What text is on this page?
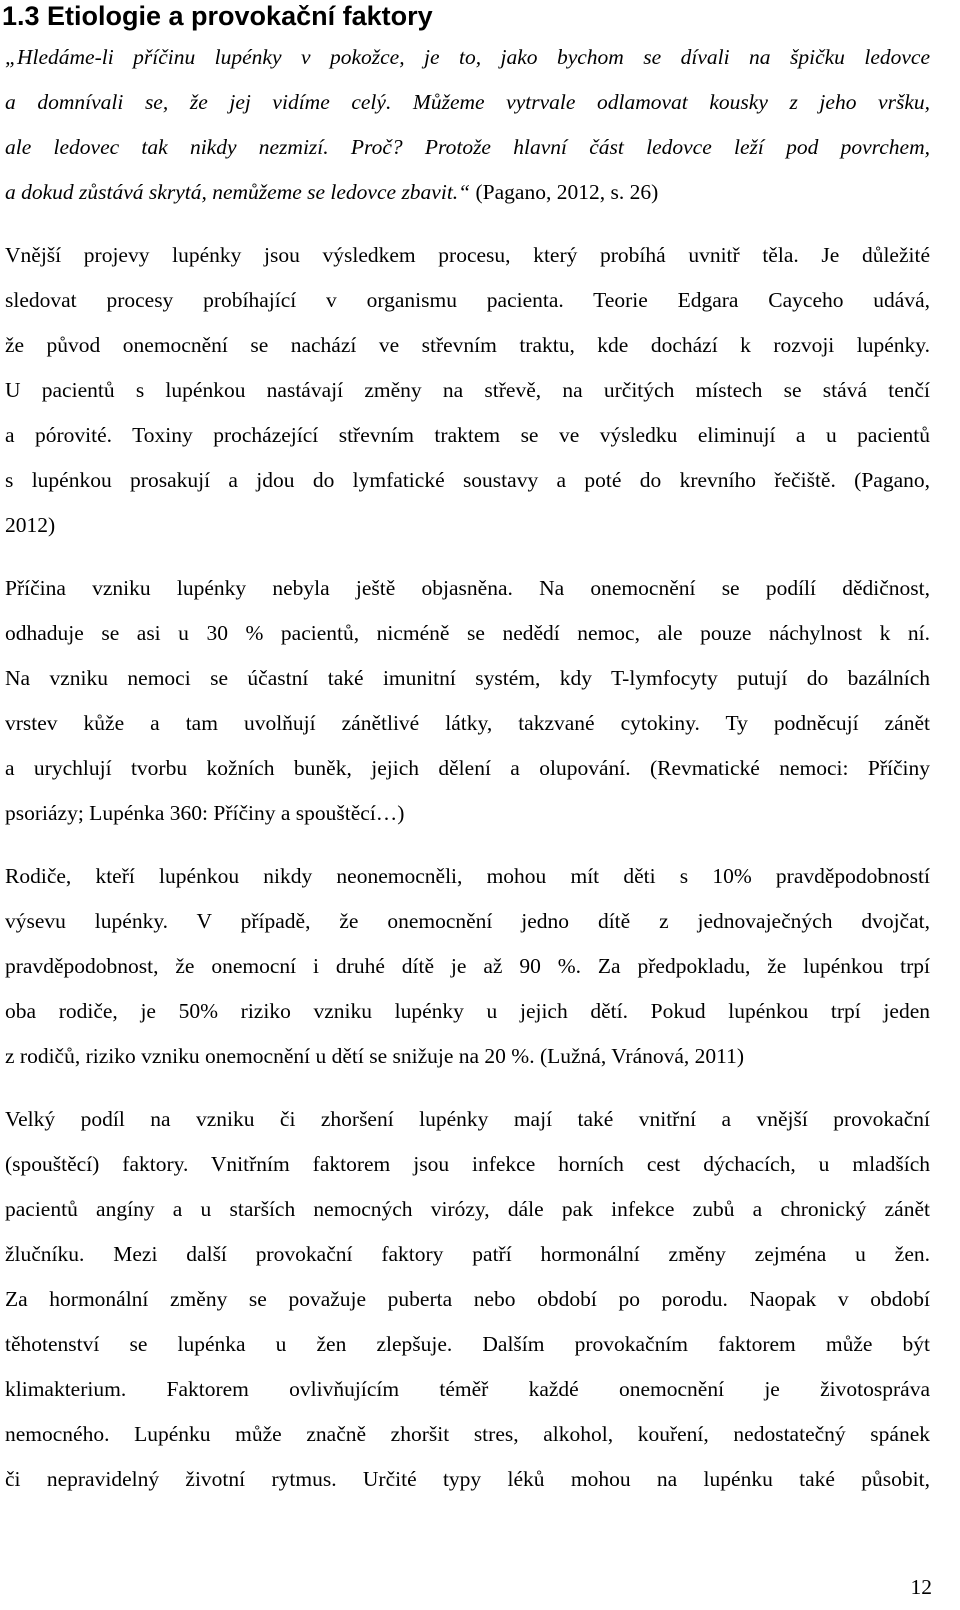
1.3 Etiologie a provokační faktory

„Hledáme-li příčinu lupénky v pokožce, je to, jako bychom se dívali na špičku ledovce

a domnívali se, že jej vidíme celý. Můžeme vytrvale odlamovat kousky z jeho vršku,

ale ledovec tak nikdy nezmizí. Proč? Protože hlavní část ledovce leží pod povrchem,

a dokud zůstává skrytá, nemůžeme se ledovce zbavit.“ (Pagano, 2012, s. 26)

Vnější projevy lupénky jsou výsledkem procesu, který probíhá uvnitř těla. Je důležité

sledovat procesy probíhající v organismu pacienta. Teorie Edgara Cayceho udává,

že původ onemocnění se nachází ve střevním traktu, kde dochází k rozvoji lupénky.

U pacientů s lupénkou nastávají změny na střevě, na určitých místech se stává tenčí

a pórovité. Toxiny procházející střevním traktem se ve výsledku eliminují a u pacientů

s lupénkou prosakují a jdou do lymfatické soustavy a poté do krevního řečiště. (Pagano,

2012)

Příčina vzniku lupénky nebyla ještě objasněna. Na onemocnění se podílí dědičnost,

odhaduje se asi u 30 % pacientů, nicméně se nedědí nemoc, ale pouze náchylnost k ní.

Na vzniku nemoci se účastní také imunitní systém, kdy T-lymfocyty putují do bazálních

vrstev kůže a tam uvolňují zánětlivé látky, takzvané cytokiny. Ty podněcují zánět

a urychlují tvorbu kožních buněk, jejich dělení a olupování. (Revmatické nemoci: Příčiny

psoriázy; Lupénka 360: Příčiny a spouštěcí…)

Rodiče, kteří lupénkou nikdy neonemocněli, mohou mít děti s 10% pravděpodobností

výsevu lupénky. V případě, že onemocnění jedno dítě z jednovaječných dvojčat,

pravděpodobnost, že onemocní i druhé dítě je až 90 %. Za předpokladu, že lupénkou trpí

oba rodiče, je 50% riziko vzniku lupénky u jejich dětí. Pokud lupénkou trpí jeden

z rodičů, riziko vzniku onemocnění u dětí se snižuje na 20 %. (Lužná, Vránová, 2011)

Velký podíl na vzniku či zhoršení lupénky mají také vnitřní a vnější provokační

(spouštěcí) faktory. Vnitřním faktorem jsou infekce horních cest dýchacích, u mladších

pacientů angíny a u starších nemocných virózy, dále pak infekce zubů a chronický zánět

žlučníku. Mezi další provokační faktory patří hormonální změny zejména u žen.

Za hormonální změny se považuje puberta nebo období po porodu. Naopak v období

těhotenství se lupénka u žen zlepšuje. Dalším provokačním faktorem může být

klimakterium. Faktorem ovlivňujícím téměř každé onemocnění je životospráva

nemocného. Lupénku může značně zhoršit stres, alkohol, kouření, nedostatečný spánek

či nepravidelný životní rytmus. Určité typy léků mohou na lupénku také působit,

12
